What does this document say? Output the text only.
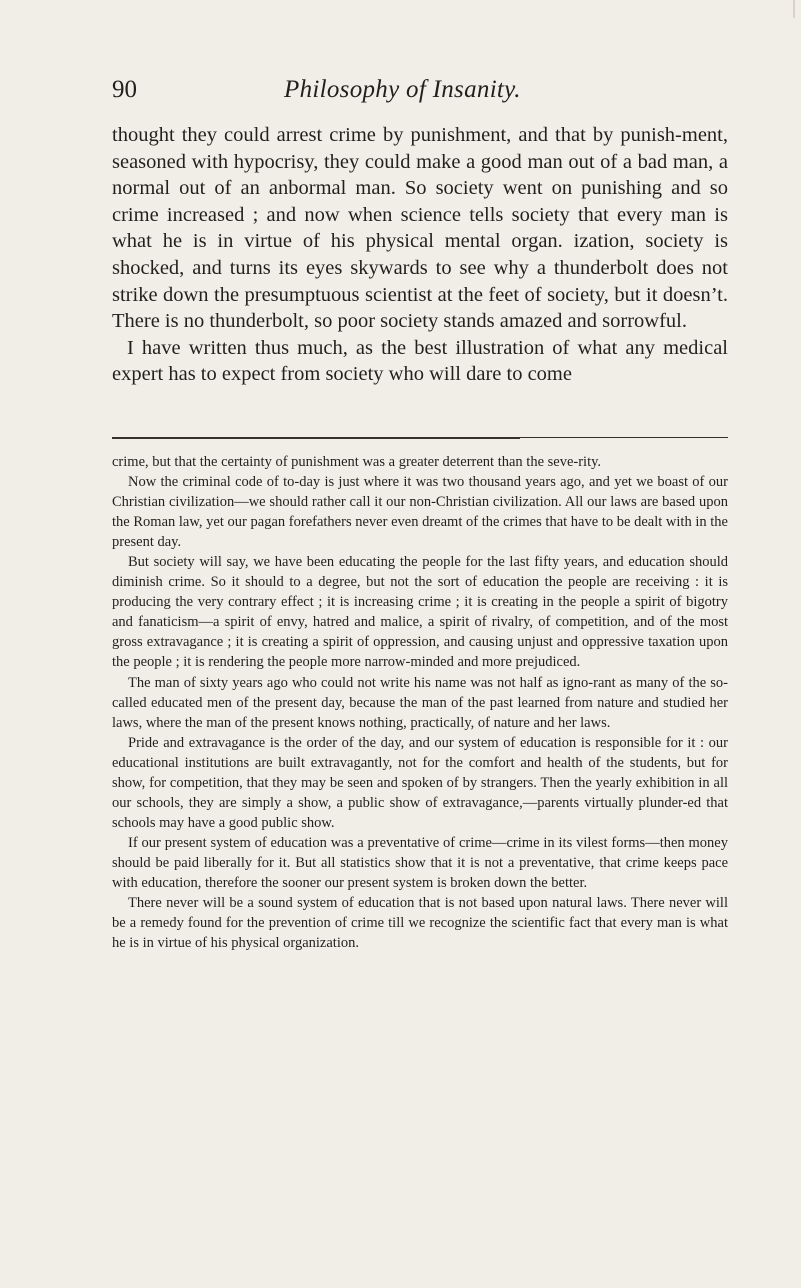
90	Philosophy of Insanity.

thought they could arrest crime by punishment, and that by punish-ment, seasoned with hypocrisy, they could make a good man out of a bad man, a normal out of an anbormal man. So society went on punishing and so crime increased ; and now when science tells society that every man is what he is in virtue of his physical mental organ. ization, society is shocked, and turns its eyes skywards to see why a thunderbolt does not strike down the presumptuous scientist at the feet of society, but it doesn’t. There is no thunderbolt, so poor society stands amazed and sorrowful.

I have written thus much, as the best illustration of what any medical expert has to expect from society who will dare to come

crime, but that the certainty of punishment was a greater deterrent than the seve-rity.

Now the criminal code of to-day is just where it was two thousand years ago, and yet we boast of our Christian civilization—we should rather call it our non-Christian civilization. All our laws are based upon the Roman law, yet our pagan forefathers never even dreamt of the crimes that have to be dealt with in the present day.

But society will say, we have been educating the people for the last fifty years, and education should diminish crime. So it should to a degree, but not the sort of education the people are receiving : it is producing the very contrary effect ; it is increasing crime ; it is creating in the people a spirit of bigotry and fanaticism—a spirit of envy, hatred and malice, a spirit of rivalry, of competition, and of the most gross extravagance ; it is creating a spirit of oppression, and causing unjust and oppressive taxation upon the people ; it is rendering the people more narrow-minded and more prejudiced.

The man of sixty years ago who could not write his name was not half as igno-rant as many of the so-called educated men of the present day, because the man of the past learned from nature and studied her laws, where the man of the present knows nothing, practically, of nature and her laws.

Pride and extravagance is the order of the day, and our system of education is responsible for it : our educational institutions are built extravagantly, not for the comfort and health of the students, but for show, for competition, that they may be seen and spoken of by strangers. Then the yearly exhibition in all our schools, they are simply a show, a public show of extravagance,—parents virtually plunder-ed that schools may have a good public show.

If our present system of education was a preventative of crime—crime in its vilest forms—then money should be paid liberally for it. But all statistics show that it is not a preventative, that crime keeps pace with education, therefore the sooner our present system is broken down the better.

There never will be a sound system of education that is not based upon natural laws. There never will be a remedy found for the prevention of crime till we recognize the scientific fact that every man is what he is in virtue of his physical organization.
